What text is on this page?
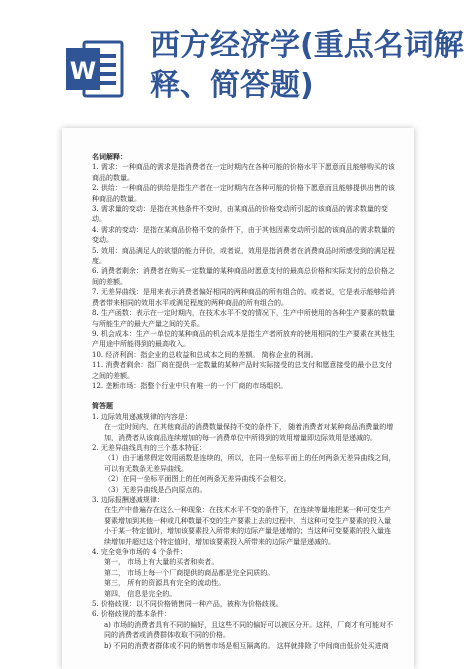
W
西方经济学(重点名词解释、简答题)

名词解释：

1. 需求：一种商品的需求是指消费者在一定时期内在各种可能的价格水平下愿意而且能够购买的该商品的数量。

2. 供给：一种商品的供给是指生产者在一定时期内在各种可能的价格下愿意而且能够提供出售的该种商品的数量。

3. 需求量的变动：是指在其他条件不变时，由某商品的价格变动所引起的该商品的需求数量的变动。

4. 需求的变动：是指在某商品价格不变的条件下，由于其他因素变动所引起的该商品的需求数量的变动。

5. 效用：商品满足人的欲望的能力评价，或者说，效用是指消费者在消费商品时所感受到的满足程度。

6. 消费者剩余：消费者在购买一定数量的某种商品时愿意支付的最高总价格和实际支付的总价格之间的差额。

7. 无差异曲线：是用来表示消费者偏好相同的两种商品的所有组合的。或者说，它是表示能够给消费者带来相同的效用水平或满足程度的两种商品的所有组合的。

8. 生产函数：表示在一定时期内，在技术水平不变的情况下，生产中所使用的各种生产要素的数量与所能生产的最大产量之间的关系。

9. 机会成本：生产一单位的某种商品的机会成本是指生产者所放弃的使用相同的生产要素在其他生产用途中所能得到的最高收入。

10. 经济利润：指企业的总收益和总成本之间的差额。 简称企业的利润。

11. 消费者剩余：指厂商在提供一定数量的某种产品时实际接受的总支付和愿意接受的最小总支付之间的差额。

12. 垄断市场：指整个行业中只有唯一的一个厂商的市场组织。

简答题

1. 边际效用递减规律的内容是：

在一定时间内，在其他商品的消费数量保持不变的条件下， 随着消费者对某种商品消费量的增加，消费者从该商品连续增加的每一消费单位中所得到的效用增量即边际效用是递减的。

2. 无差异曲线具有的三个基本特征：

（1）由于通常假定效用函数是连续的，所以，在同一坐标平面上的任何两条无差异曲线之间，可以有无数条无差异曲线。

（2）在同一坐标平面图上的任何两条无差异曲线不会相交。

（3）无差异曲线是凸向原点的。

3. 边际报酬递减规律：

在生产中普遍存在这么一种现象：在技术水平不变的条件下，在连续等量地把某一种可变生产要素增加到其他一种或几种数量不变的生产要素上去的过程中，当这种可变生产要素的投入量小于某一特定值时，增加该要素投入所带来的边际产量是递增的；当这种可变要素的投入量连续增加并超过这个特定值时，增加该要素投入所带来的边际产量是递减的。

4. 完全竞争市场的 4 个条件：

第一， 市场上有大量的买者和卖者。

第二， 市场上每一个厂商提供的商品都是完全同质的。

第三， 所有的资源具有完全的流动性。

第四， 信息是完全的。

5. 价格歧视：以不同价格销售同一种产品，被称为价格歧视。

6. 价格歧视的基本条件：

a) 市场的消费者具有不同的偏好，且这些不同的偏好可以被区分开。这样，厂商才有可能对不同的消费者或消费群体收取不同的价格。

b) 不同的消费者群体或不同的销售市场是相互隔离的。 这样就排除了中间商由低价处买进商
